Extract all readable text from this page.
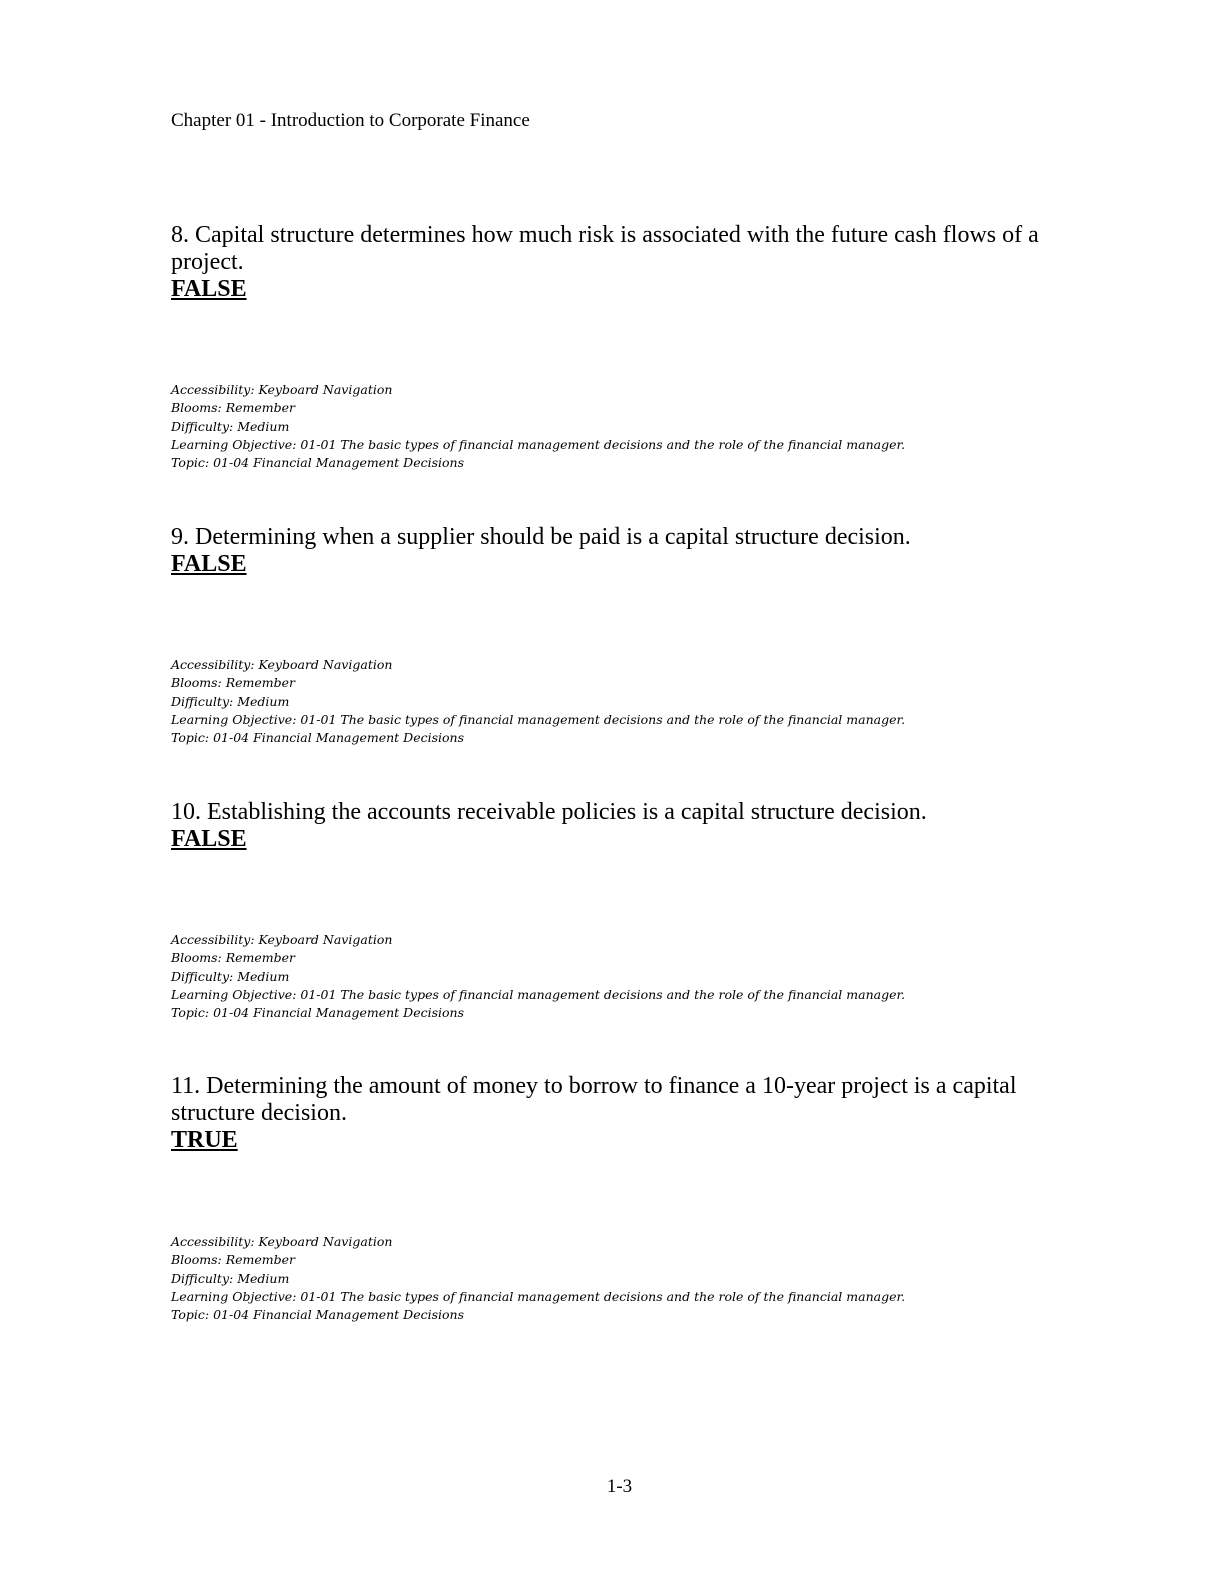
Chapter 01 - Introduction to Corporate Finance

8. Capital structure determines how much risk is associated with the future cash flows of a project.

FALSE

Accessibility: Keyboard Navigation
Blooms: Remember
Difficulty: Medium
Learning Objective: 01-01 The basic types of financial management decisions and the role of the financial manager.
Topic: 01-04 Financial Management Decisions

9. Determining when a supplier should be paid is a capital structure decision.

FALSE

Accessibility: Keyboard Navigation
Blooms: Remember
Difficulty: Medium
Learning Objective: 01-01 The basic types of financial management decisions and the role of the financial manager.
Topic: 01-04 Financial Management Decisions

10. Establishing the accounts receivable policies is a capital structure decision.

FALSE

Accessibility: Keyboard Navigation
Blooms: Remember
Difficulty: Medium
Learning Objective: 01-01 The basic types of financial management decisions and the role of the financial manager.
Topic: 01-04 Financial Management Decisions

11. Determining the amount of money to borrow to finance a 10-year project is a capital structure decision.

TRUE

Accessibility: Keyboard Navigation
Blooms: Remember
Difficulty: Medium
Learning Objective: 01-01 The basic types of financial management decisions and the role of the financial manager.
Topic: 01-04 Financial Management Decisions
1-3
